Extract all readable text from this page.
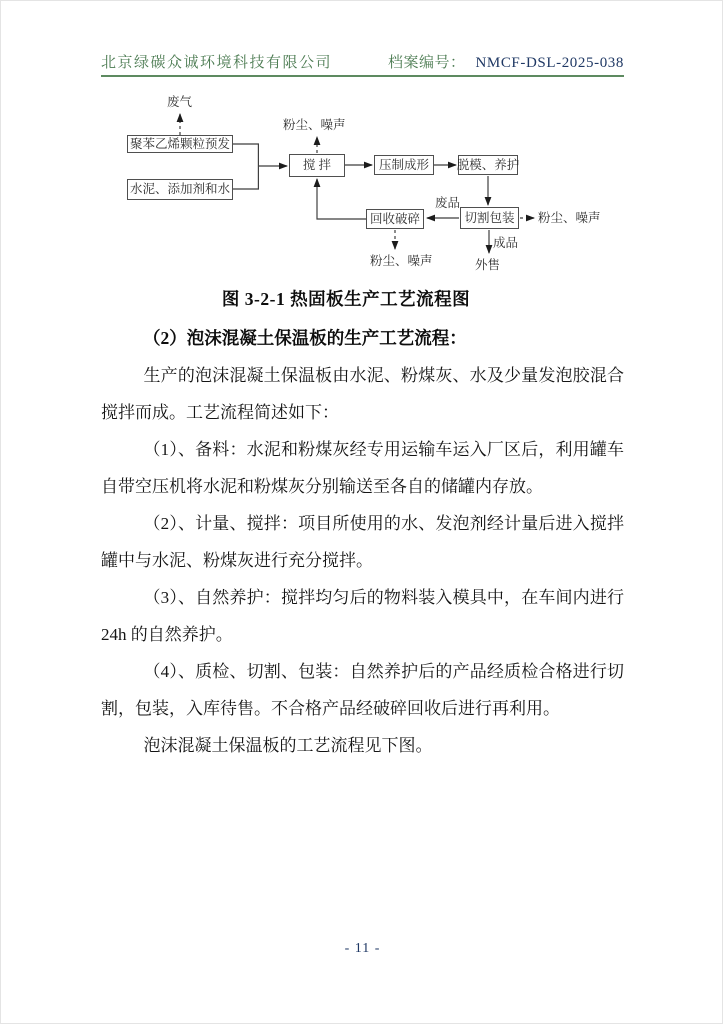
北京绿碳众诚环境科技有限公司	档案编号： NMCF-DSL-2025-038
聚苯乙烯颗粒预发
水泥、添加剂和水
搅 拌	压制成形	脱模、养护
回收破碎	切割包装
废气
粉尘、噪声
废品
粉尘、噪声
成品
外售
粉尘、噪声
图 3-2-1 热固板生产工艺流程图
（2）泡沫混凝土保温板的生产工艺流程：

生产的泡沫混凝土保温板由水泥、粉煤灰、水及少量发泡胶混合搅拌而成。工艺流程简述如下：

（1）、备料：水泥和粉煤灰经专用运输车运入厂区后，利用罐车自带空压机将水泥和粉煤灰分别输送至各自的储罐内存放。

（2）、计量、搅拌：项目所使用的水、发泡剂经计量后进入搅拌罐中与水泥、粉煤灰进行充分搅拌。

（3）、自然养护：搅拌均匀后的物料装入模具中，在车间内进行 24h 的自然养护。

（4）、质检、切割、包装：自然养护后的产品经质检合格进行切割，包装，入库待售。不合格产品经破碎回收后进行再利用。

泡沫混凝土保温板的工艺流程见下图。

- 11 -
